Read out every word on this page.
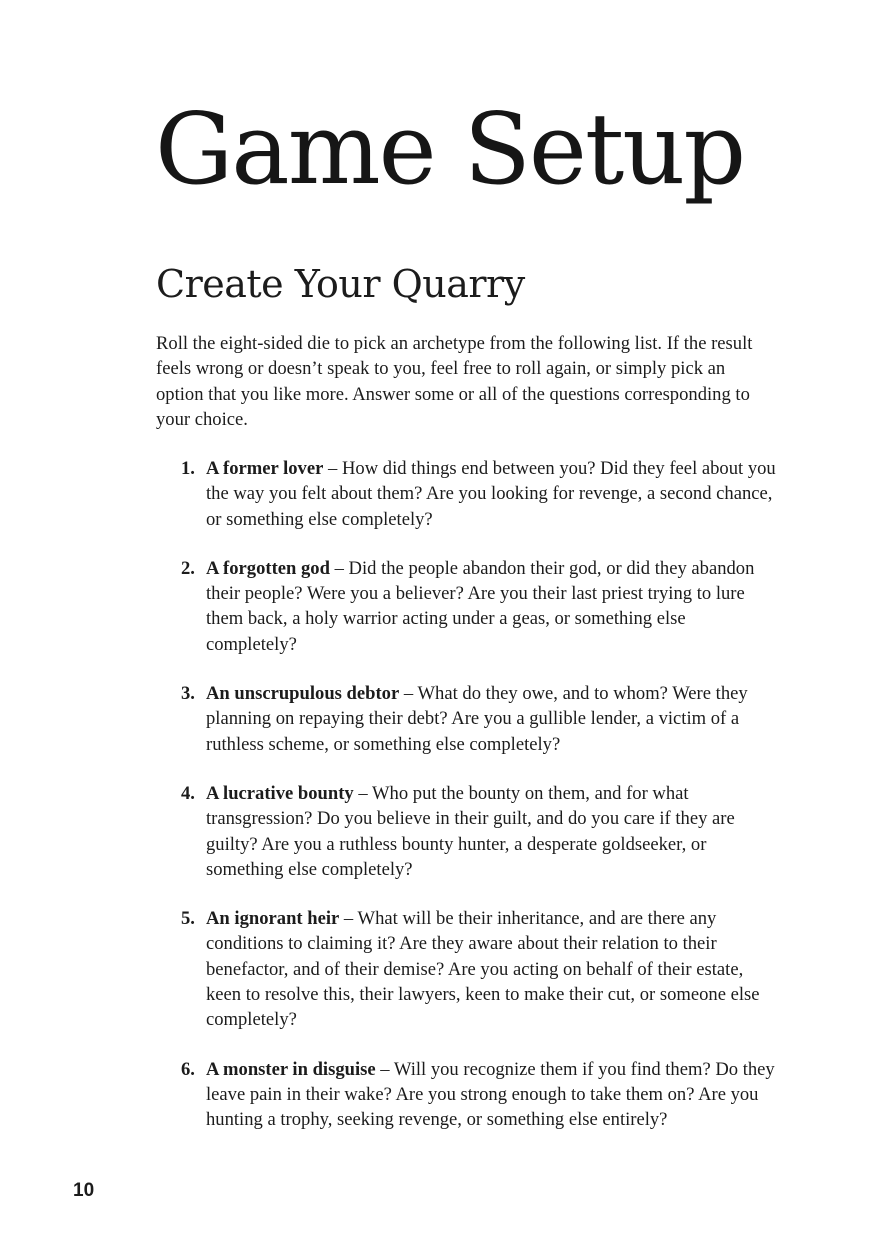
Game Setup
Create Your Quarry

Roll the eight-sided die to pick an archetype from the following list. If the result feels wrong or doesn’t speak to you, feel free to roll again, or simply pick an option that you like more. Answer some or all of the questions corresponding to your choice.

1. A former lover – How did things end between you? Did they feel about you the way you felt about them? Are you looking for revenge, a second chance, or something else completely?
2. A forgotten god – Did the people abandon their god, or did they abandon their people? Were you a believer? Are you their last priest trying to lure them back, a holy warrior acting under a geas, or something else completely?
3. An unscrupulous debtor – What do they owe, and to whom? Were they planning on repaying their debt? Are you a gullible lender, a victim of a ruthless scheme, or something else completely?
4. A lucrative bounty – Who put the bounty on them, and for what transgression? Do you believe in their guilt, and do you care if they are guilty? Are you a ruthless bounty hunter, a desperate goldseeker, or something else completely?
5. An ignorant heir – What will be their inheritance, and are there any conditions to claiming it? Are they aware about their relation to their benefactor, and of their demise? Are you acting on behalf of their estate, keen to resolve this, their lawyers, keen to make their cut, or someone else completely?
6. A monster in disguise – Will you recognize them if you find them? Do they leave pain in their wake? Are you strong enough to take them on? Are you hunting a trophy, seeking revenge, or something else entirely?
10
